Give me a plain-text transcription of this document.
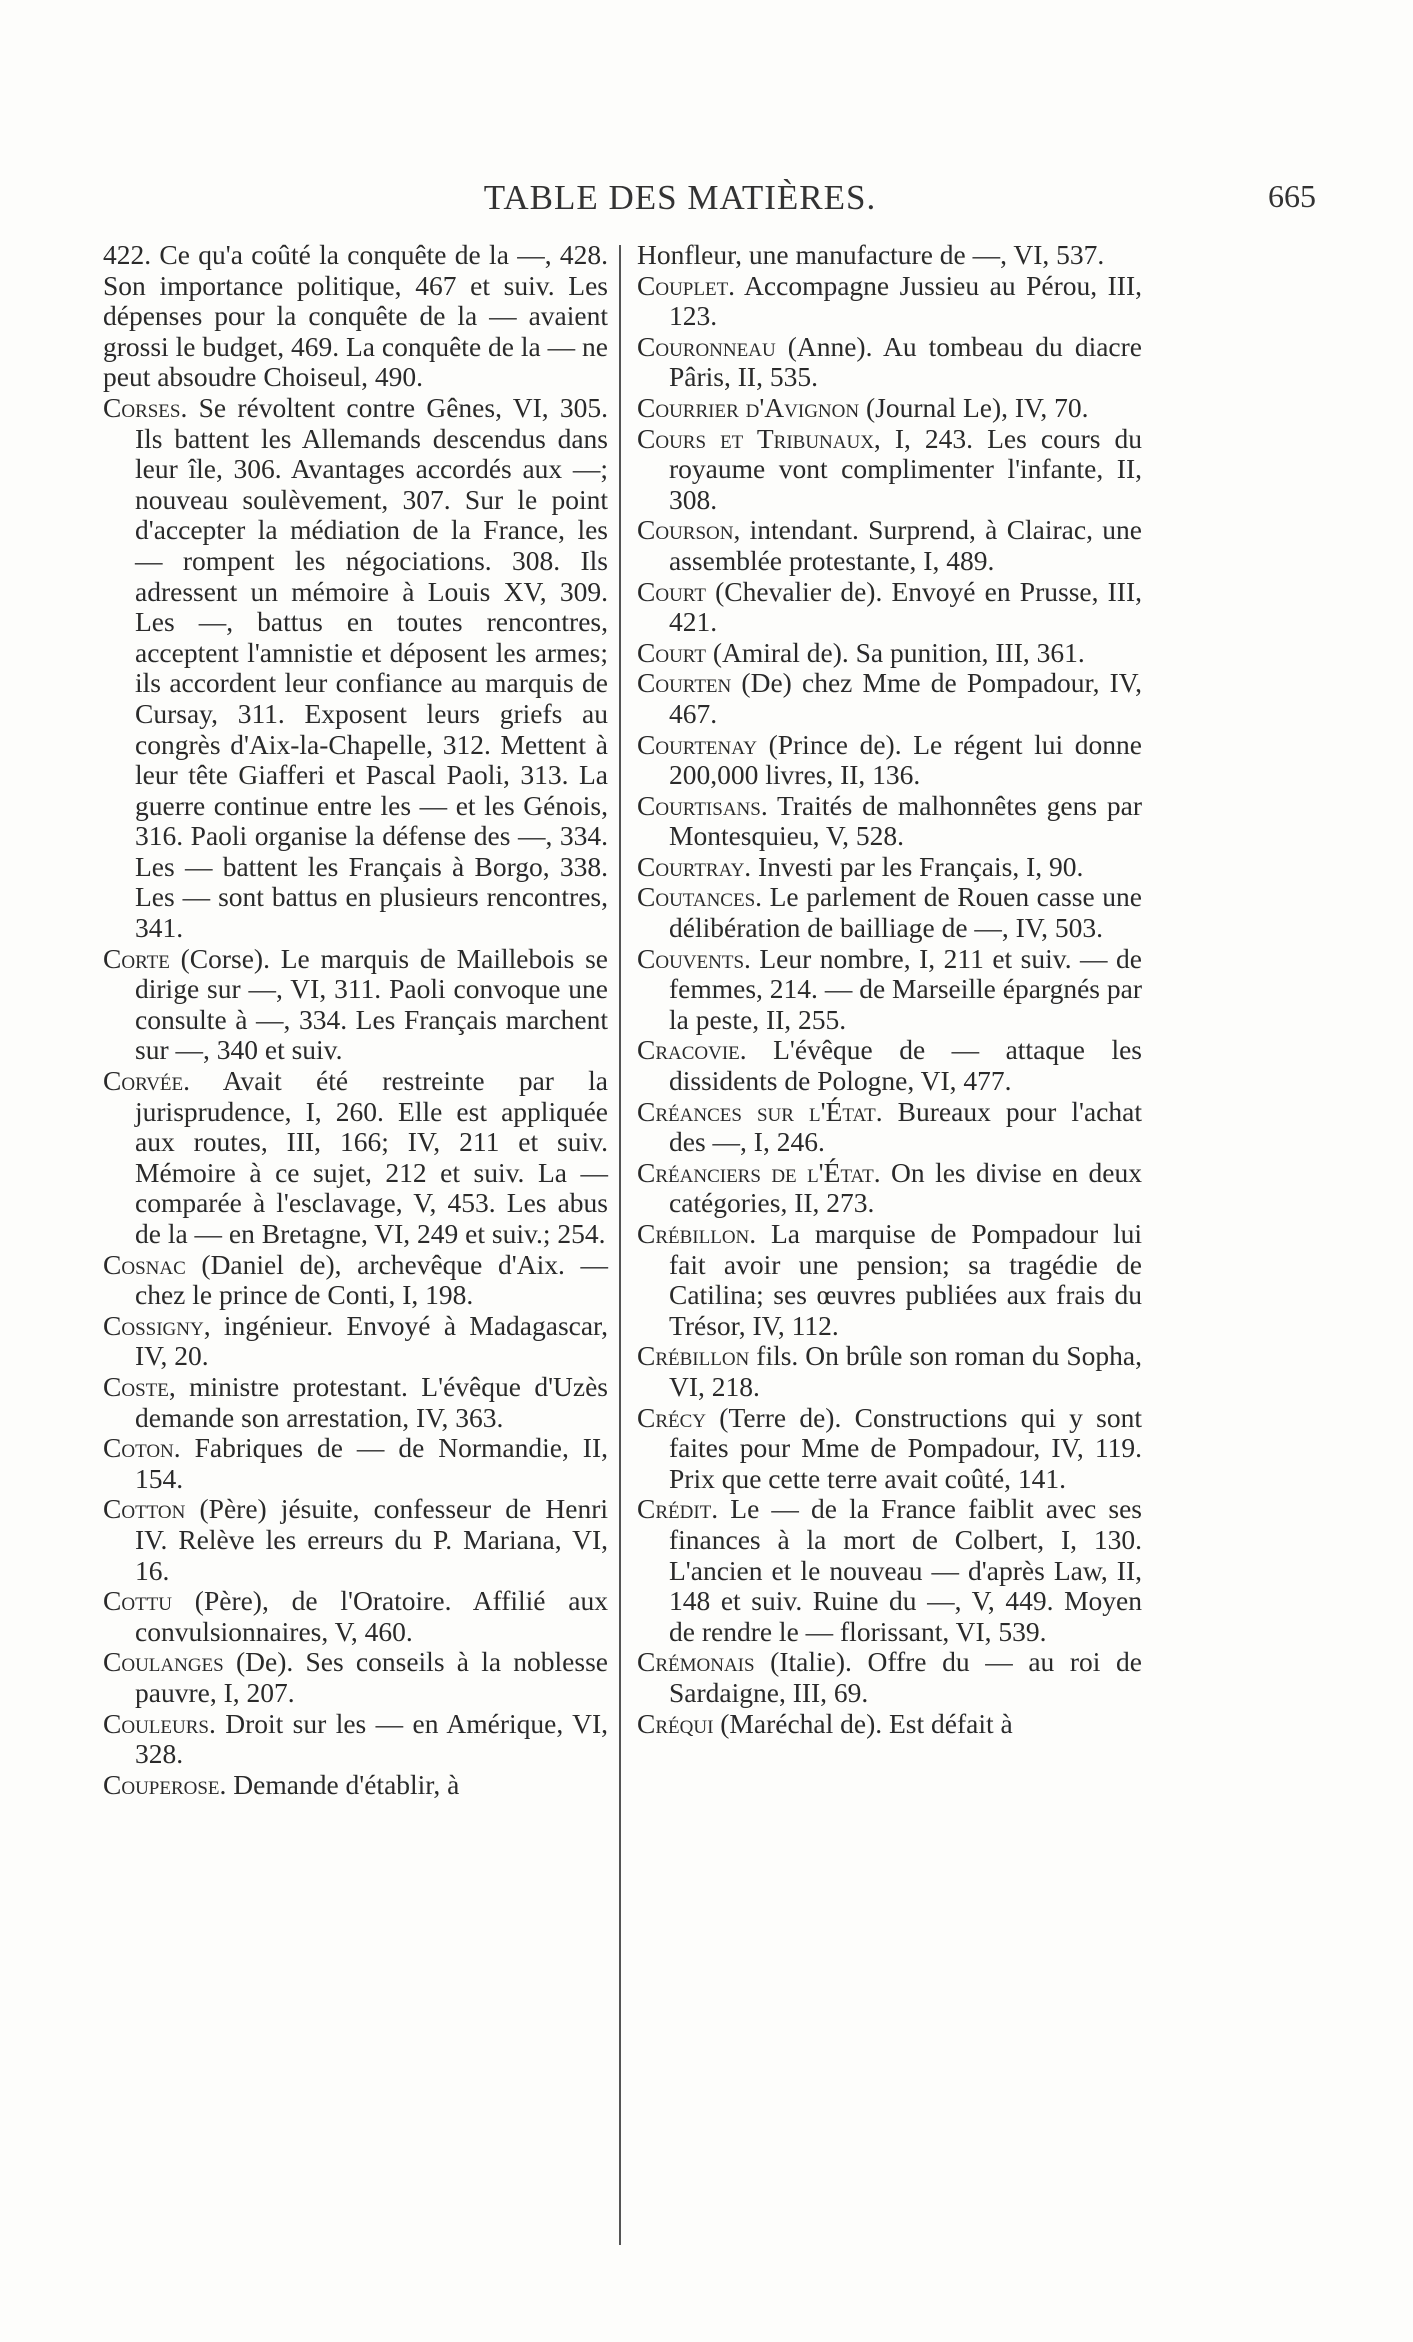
TABLE DES MATIÈRES.	665

422. Ce qu'a coûté la conquête de la —, 428. Son importance politique, 467 et suiv. Les dépenses pour la conquête de la — avaient grossi le budget, 469. La conquête de la — ne peut absoudre Choiseul, 490.

Corses. Se révoltent contre Gênes, VI, 305. Ils battent les Allemands descendus dans leur île, 306. Avantages accordés aux —; nouveau soulèvement, 307. Sur le point d'accepter la médiation de la France, les — rompent les négociations. 308. Ils adressent un mémoire à Louis XV, 309. Les —, battus en toutes rencontres, acceptent l'amnistie et déposent les armes; ils accordent leur confiance au marquis de Cursay, 311. Exposent leurs griefs au congrès d'Aix-la-Chapelle, 312. Mettent à leur tête Giafferi et Pascal Paoli, 313. La guerre continue entre les — et les Génois, 316. Paoli organise la défense des —, 334. Les — battent les Français à Borgo, 338. Les — sont battus en plusieurs rencontres, 341.

Corte (Corse). Le marquis de Maillebois se dirige sur —, VI, 311. Paoli convoque une consulte à —, 334. Les Français marchent sur —, 340 et suiv.

Corvée. Avait été restreinte par la jurisprudence, I, 260. Elle est appliquée aux routes, III, 166; IV, 211 et suiv. Mémoire à ce sujet, 212 et suiv. La — comparée à l'esclavage, V, 453. Les abus de la — en Bretagne, VI, 249 et suiv.; 254.

Cosnac (Daniel de), archevêque d'Aix. — chez le prince de Conti, I, 198.

Cossigny, ingénieur. Envoyé à Madagascar, IV, 20.

Coste, ministre protestant. L'évêque d'Uzès demande son arrestation, IV, 363.

Coton. Fabriques de — de Normandie, II, 154.

Cotton (Père) jésuite, confesseur de Henri IV. Relève les erreurs du P. Mariana, VI, 16.

Cottu (Père), de l'Oratoire. Affilié aux convulsionnaires, V, 460.

Coulanges (De). Ses conseils à la noblesse pauvre, I, 207.

Couleurs. Droit sur les — en Amérique, VI, 328.

Couperose. Demande d'établir, à

Honfleur, une manufacture de —, VI, 537.

Couplet. Accompagne Jussieu au Pérou, III, 123.

Couronneau (Anne). Au tombeau du diacre Pâris, II, 535.

Courrier d'Avignon (Journal Le), IV, 70.

Cours et Tribunaux, I, 243. Les cours du royaume vont complimenter l'infante, II, 308.

Courson, intendant. Surprend, à Clairac, une assemblée protestante, I, 489.

Court (Chevalier de). Envoyé en Prusse, III, 421.

Court (Amiral de). Sa punition, III, 361.

Courten (De) chez Mme de Pompadour, IV, 467.

Courtenay (Prince de). Le régent lui donne 200,000 livres, II, 136.

Courtisans. Traités de malhonnêtes gens par Montesquieu, V, 528.

Courtray. Investi par les Français, I, 90.

Coutances. Le parlement de Rouen casse une délibération de bailliage de —, IV, 503.

Couvents. Leur nombre, I, 211 et suiv. — de femmes, 214. — de Marseille épargnés par la peste, II, 255.

Cracovie. L'évêque de — attaque les dissidents de Pologne, VI, 477.

Créances sur l'État. Bureaux pour l'achat des —, I, 246.

Créanciers de l'État. On les divise en deux catégories, II, 273.

Crébillon. La marquise de Pompadour lui fait avoir une pension; sa tragédie de Catilina; ses œuvres publiées aux frais du Trésor, IV, 112.

Crébillon fils. On brûle son roman du Sopha, VI, 218.

Crécy (Terre de). Constructions qui y sont faites pour Mme de Pompadour, IV, 119. Prix que cette terre avait coûté, 141.

Crédit. Le — de la France faiblit avec ses finances à la mort de Colbert, I, 130. L'ancien et le nouveau — d'après Law, II, 148 et suiv. Ruine du —, V, 449. Moyen de rendre le — florissant, VI, 539.

Crémonais (Italie). Offre du — au roi de Sardaigne, III, 69.

Créqui (Maréchal de). Est défait à
